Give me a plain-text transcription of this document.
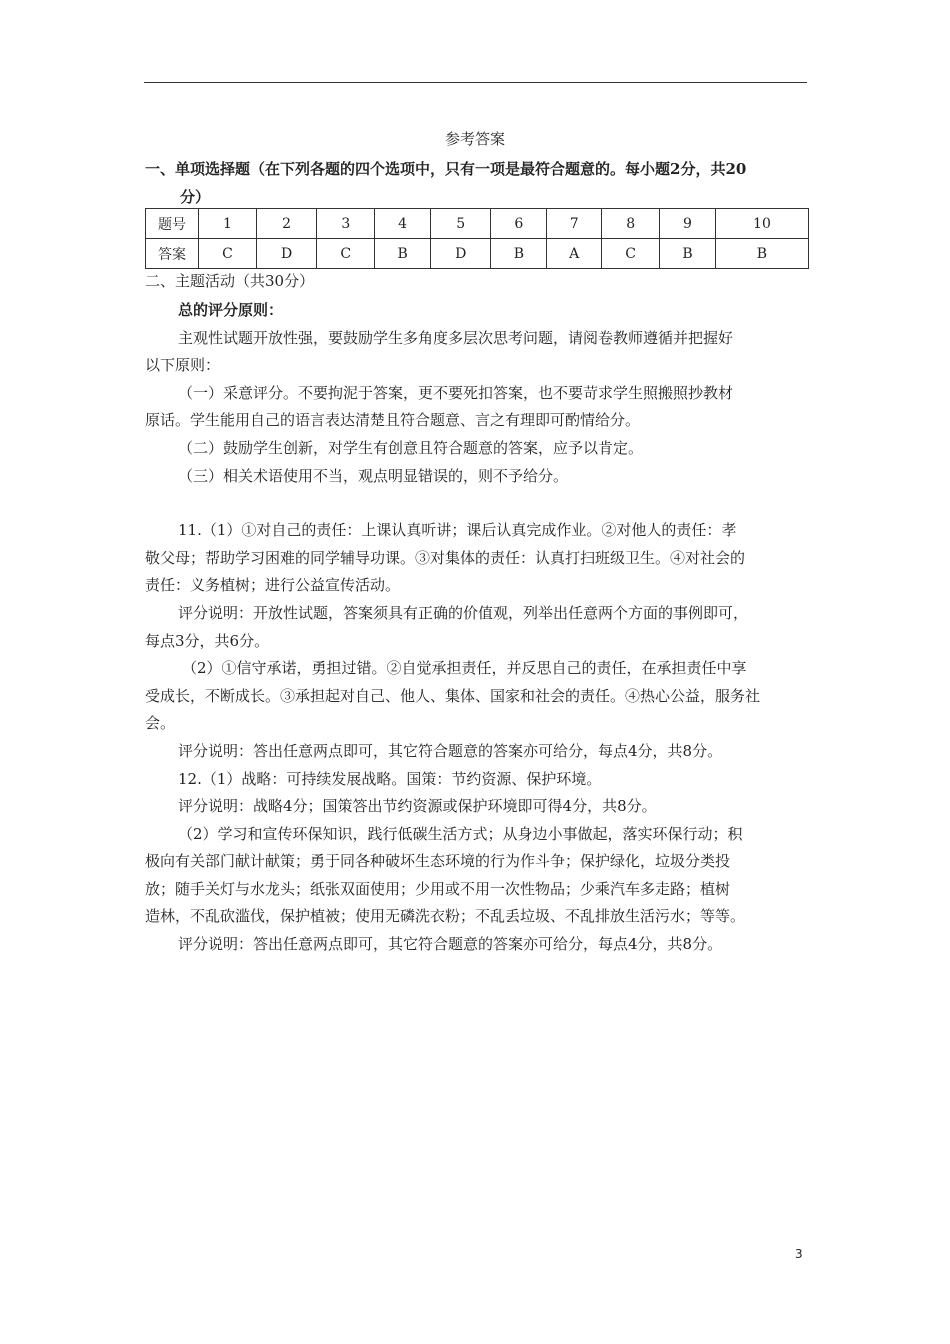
参考答案
一、单项选择题（在下列各题的四个选项中，只有一项是最符合题意的。每小题2分，共20
分）
题号	1	2	3	4	5	6	7	8	9	10
答案	C	D	C	B	D	B	A	C	B	B
二、主题活动（共30分）

总的评分原则：

主观性试题开放性强，要鼓励学生多角度多层次思考问题，请阅卷教师遵循并把握好

以下原则：

（一）采意评分。不要拘泥于答案，更不要死扣答案，也不要苛求学生照搬照抄教材

原话。学生能用自己的语言表达清楚且符合题意、言之有理即可酌情给分。

（二）鼓励学生创新，对学生有创意且符合题意的答案，应予以肯定。

（三）相关术语使用不当，观点明显错误的，则不予给分。

11.（1）①对自己的责任：上课认真听讲；课后认真完成作业。②对他人的责任：孝

敬父母；帮助学习困难的同学辅导功课。③对集体的责任：认真打扫班级卫生。④对社会的

责任：义务植树；进行公益宣传活动。

评分说明：开放性试题，答案须具有正确的价值观，列举出任意两个方面的事例即可，

每点3分，共6分。

（2）①信守承诺，勇担过错。②自觉承担责任，并反思自己的责任，在承担责任中享

受成长，不断成长。③承担起对自己、他人、集体、国家和社会的责任。④热心公益，服务社

会。

评分说明：答出任意两点即可，其它符合题意的答案亦可给分，每点4分，共8分。

12.（1）战略：可持续发展战略。国策：节约资源、保护环境。

评分说明：战略4分；国策答出节约资源或保护环境即可得4分，共8分。

（2）学习和宣传环保知识，践行低碳生活方式；从身边小事做起，落实环保行动；积

极向有关部门献计献策；勇于同各种破坏生态环境的行为作斗争；保护绿化，垃圾分类投

放；随手关灯与水龙头；纸张双面使用；少用或不用一次性物品；少乘汽车多走路；植树

造林，不乱砍滥伐，保护植被；使用无磷洗衣粉；不乱丢垃圾、不乱排放生活污水；等等。

评分说明：答出任意两点即可，其它符合题意的答案亦可给分，每点4分，共8分。

3
